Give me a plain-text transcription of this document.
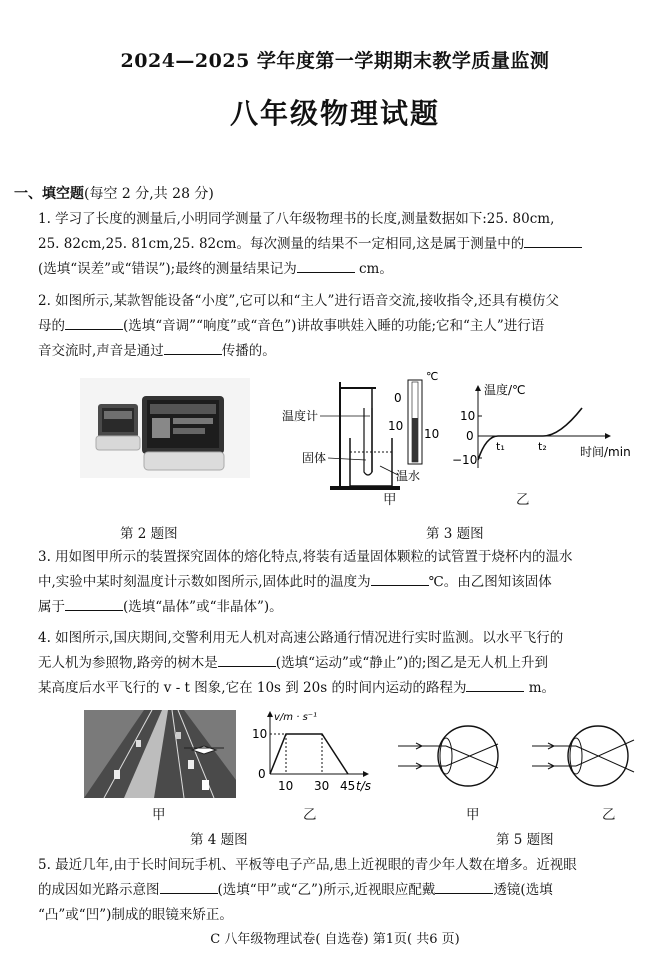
2024—2025 学年度第一学期期末教学质量监测
八年级物理试题
一、填空题(每空 2 分,共 28 分)
1. 学习了长度的测量后,小明同学测量了八年级物理书的长度,测量数据如下:25. 80cm,
25. 82cm,25. 81cm,25. 82cm。每次测量的结果不一定相同,这是属于测量中的
(选填“误差”或“错误”);最终的测量结果记为	cm。
2. 如图所示,某款智能设备“小度”,它可以和“主人”进行语音交流,接收指令,还具有模仿父
母的	(选填“音调”“响度”或“音色”)讲故事哄娃入睡的功能;它和“主人”进行语
音交流时,声音是通过	传播的。
第 2 题图
温度计
固体
温水
℃
0
10
10
甲
温度/℃
时间/min
10
0
−10
t₁	t₂
乙
第 3 题图
3. 用如图甲所示的装置探究固体的熔化特点,将装有适量固体颗粒的试管置于烧杯内的温水
中,实验中某时刻温度计示数如图所示,固体此时的温度为	℃。由乙图知该固体
属于	(选填“晶体”或“非晶体”)。
4. 如图所示,国庆期间,交警利用无人机对高速公路通行情况进行实时监测。以水平飞行的
无人机为参照物,路旁的树木是	(选填“运动”或“静止”)的;图乙是无人机上升到
某高度后水平飞行的 v - t 图象,它在 10s 到 20s 的时间内运动的路程为	m。
甲
v/m · s⁻¹
10
0
10 30 45 t/s
乙
第 4 题图
甲	乙
第 5 题图
5. 最近几年,由于长时间玩手机、平板等电子产品,患上近视眼的青少年人数在增多。近视眼
的成因如光路示意图	(选填“甲”或“乙”)所示,近视眼应配戴	透镜(选填
“凸”或“凹”)制成的眼镜来矫正。
C 八年级物理试卷( 自选卷) 第1页( 共6 页)
